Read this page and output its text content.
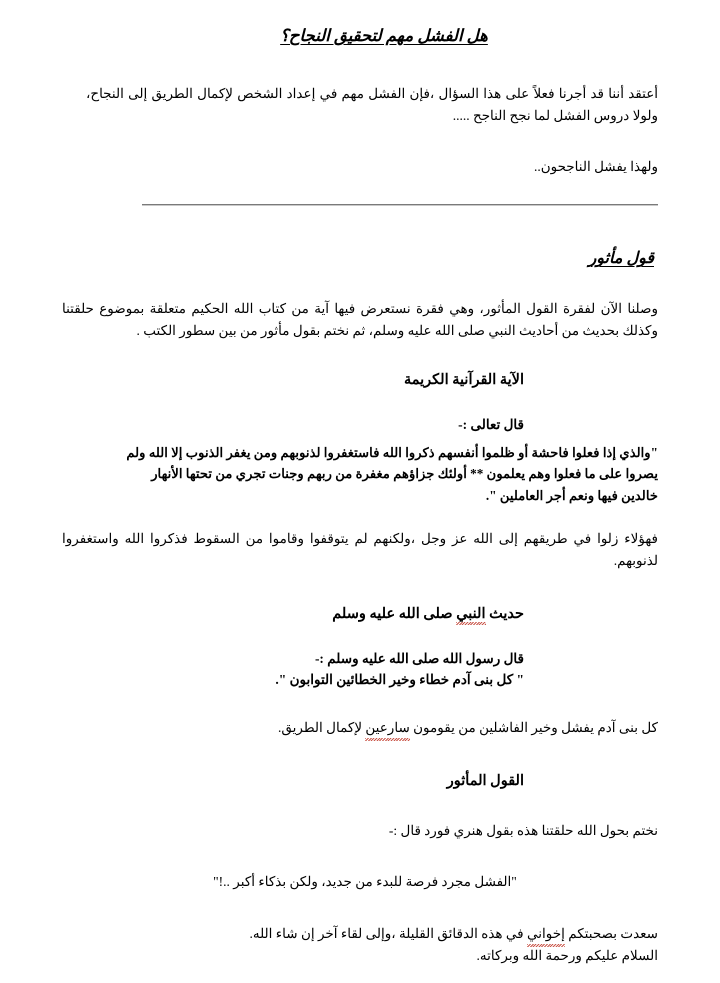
هل الفشل مهم لتحقيق النجاح؟
أعتقد أننا قد أجرنا فعلاً على هذا السؤال ،فإن الفشل مهم في إعداد الشخص لإكمال الطريق إلى النجاح، ولولا دروس الفشل لما نجح الناجح .....
ولهذا يفشل الناجحون..
قول مأثور
وصلنا الآن لفقرة القول المأثور، وهي فقرة نستعرض فيها آية من كتاب الله الحكيم متعلقة بموضوع حلقتنا وكذلك بحديث من أحاديث النبي صلى الله عليه وسلم، ثم نختم بقول مأثور من بين سطور الكتب .
الآية القرآنية الكريمة
قال تعالى :-
"والذي إذا فعلوا فاحشة أو ظلموا أنفسهم ذكروا الله فاستغفروا لذنوبهم ومن يغفر الذنوب إلا الله ولم
يصروا على ما فعلوا وهم يعلمون ** أولئك جزاؤهم مغفرة من ربهم وجنات تجري من تحتها الأنهار
خالدين فيها ونعم أجر العاملين ".
فهؤلاء زلوا في طريقهم إلى الله عز وجل ،ولكنهم لم يتوقفوا وقاموا من السقوط فذكروا الله واستغفروا لذنوبهم.
حديث النبي صلى الله عليه وسلم
قال رسول الله صلى الله عليه وسلم :-
" كل بنى آدم خطاء وخير الخطائين التوابون ".
كل بنى آدم يفشل وخير الفاشلين من يقومون سارعين لإكمال الطريق.
القول المأثور
نختم بحول الله حلقتنا هذه بقول هنري فورد قال :-
"الفشل مجرد فرصة للبدء من جديد، ولكن بذكاء أكبر ..!"
سعدت بصحبتكم إخواني في هذه الدقائق القليلة ،وإلى لقاء آخر إن شاء الله.
السلام عليكم ورحمة الله وبركاته.
